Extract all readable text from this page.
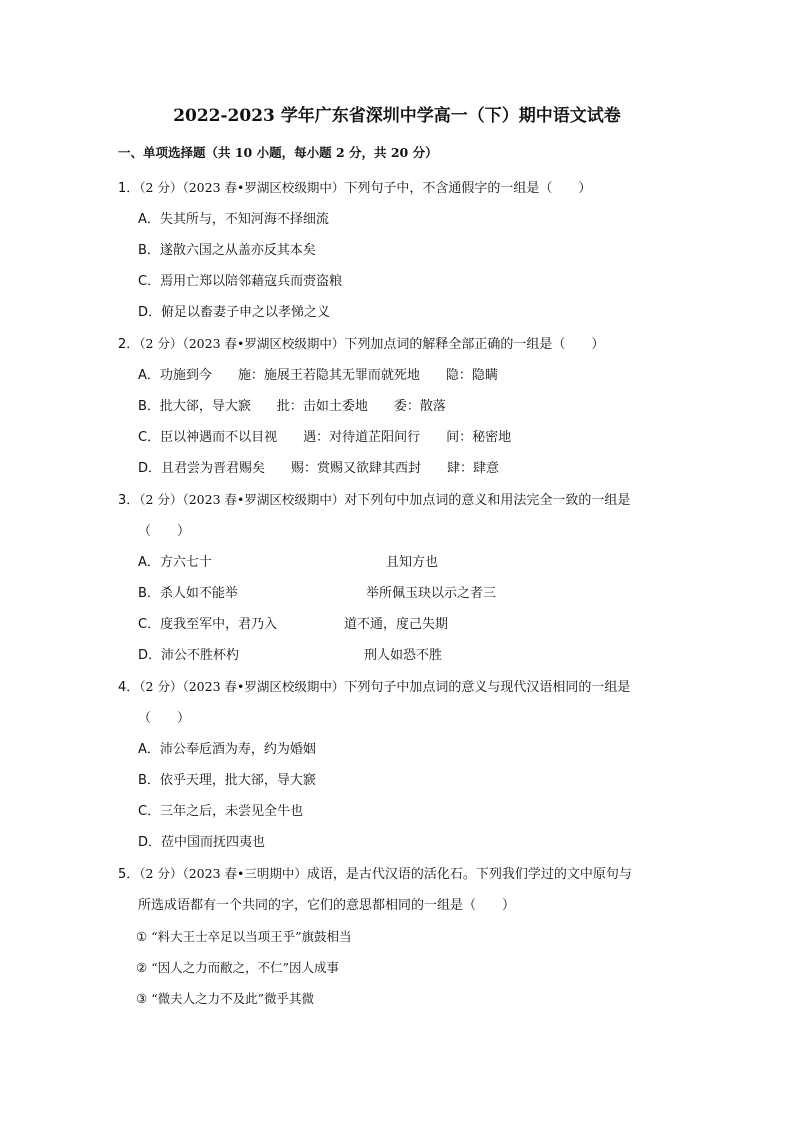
2022-2023 学年广东省深圳中学高一（下）期中语文试卷
一、单项选择题（共 10 小题，每小题 2 分，共 20 分）
1．（2 分）（2023 春•罗湖区校级期中）下列句子中，不含通假字的一组是（　　）
A．失其所与，不知河海不择细流
B．遂散六国之从盖亦反其本矣
C．焉用亡郑以陪邻藉寇兵而赍盗粮
D．俯足以畜妻子申之以孝悌之义
2．（2 分）（2023 春•罗湖区校级期中）下列加点词的解释全部正确的一组是（　　）
A．功施到今　　施：施展王若隐其无罪而就死地　　隐：隐瞒
B．批大郤，导大窾　　批：击如土委地　　委：散落
C．臣以神遇而不以目视　　遇：对待道芷阳间行　　间：秘密地
D．且君尝为晋君赐矣　　赐：赏赐又欲肆其西封　　肆：肆意
3．（2 分）（2023 春•罗湖区校级期中）对下列句中加点词的意义和用法完全一致的一组是
（　　）
A．方六七十	且知方也
B．杀人如不能举	举所佩玉玦以示之者三
C．度我至军中，君乃入	道不通，度己失期
D．沛公不胜杯杓	刑人如恐不胜
4．（2 分）（2023 春•罗湖区校级期中）下列句子中加点词的意义与现代汉语相同的一组是
（　　）
A．沛公奉卮酒为寿，约为婚姻
B．依乎天理，批大郤，导大窾
C．三年之后，未尝见全牛也
D．莅中国而抚四夷也
5．（2 分）（2023 春•三明期中）成语，是古代汉语的活化石。下列我们学过的文中原句与
所选成语都有一个共同的字，它们的意思都相同的一组是（　　）
① “料大王士卒足以当项王乎”旗鼓相当
② “因人之力而敝之，不仁”因人成事
③ “微夫人之力不及此”微乎其微
